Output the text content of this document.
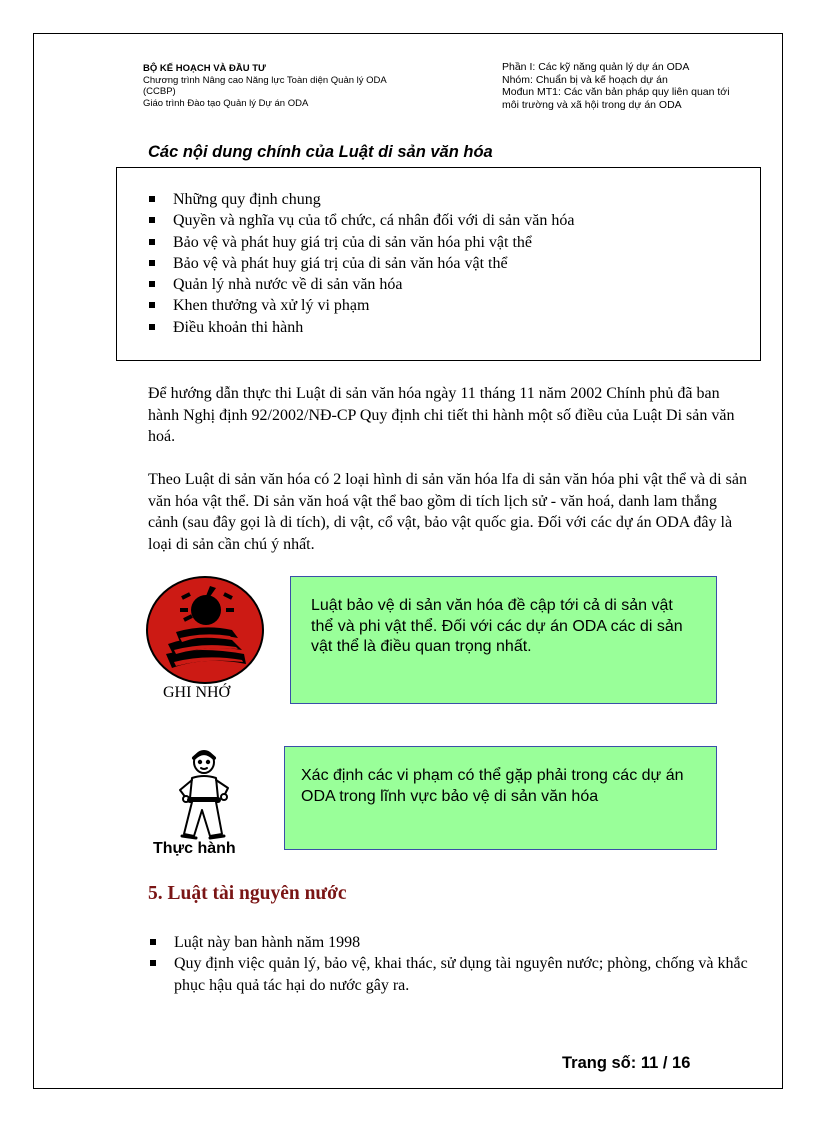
BỘ KẾ HOẠCH VÀ ĐẦU TƯ
Chương trình Nâng cao Năng lực Toàn diện Quản lý ODA
(CCBP)
Giáo trình Đào tạo Quản lý Dự án ODA
Phần I: Các kỹ năng quản lý dự án ODA
Nhóm: Chuẩn bị và kế hoạch dự án
Mođun MT1: Các văn bản pháp quy liên quan tới môi trường và xã hội trong dự án ODA
Các nội dung chính của Luật di sản văn hóa
Những quy định chung
Quyền và nghĩa vụ của tổ chức, cá nhân đối với di sản văn hóa
Bảo vệ và phát huy giá trị của di sản văn hóa phi vật thể
Bảo vệ và phát huy giá trị của di sản văn hóa vật thể
Quản lý nhà nước về di sản văn hóa
Khen thưởng và xử lý vi phạm
Điều khoản thi hành

Để hướng dẫn thực thi Luật di sản văn hóa ngày 11 tháng 11 năm 2002 Chính phủ đã ban hành Nghị định 92/2002/NĐ-CP Quy định chi tiết thi hành một số điều của Luật Di sản văn hoá.

Theo Luật di sản văn hóa có 2 loại hình di sản văn hóa lfa di sản văn hóa phi vật thể và di sản văn hóa vật thể. Di sản văn hoá vật thể bao gồm di tích lịch sử - văn hoá, danh lam thắng cảnh (sau đây gọi là di tích), di vật, cổ vật, bảo vật quốc gia. Đối với các dự án ODA đây là loại di sản cần chú ý nhất.

GHI NHỚ
Luật bảo vệ di sản văn hóa đề cập tới cả di sản vật thể và phi vật thể. Đối với các dự án ODA các di sản vật thể là điều quan trọng nhất.
Thực hành
Xác định các vi phạm có thể gặp phải trong các dự án ODA trong lĩnh vực bảo vệ di sản văn hóa
5. Luật tài nguyên nước
Luật này ban hành năm 1998
Quy định việc quản lý, bảo vệ, khai thác, sử dụng tài nguyên nước; phòng, chống và khắc phục hậu quả tác hại do nước gây ra.
Trang số: 11 / 16
